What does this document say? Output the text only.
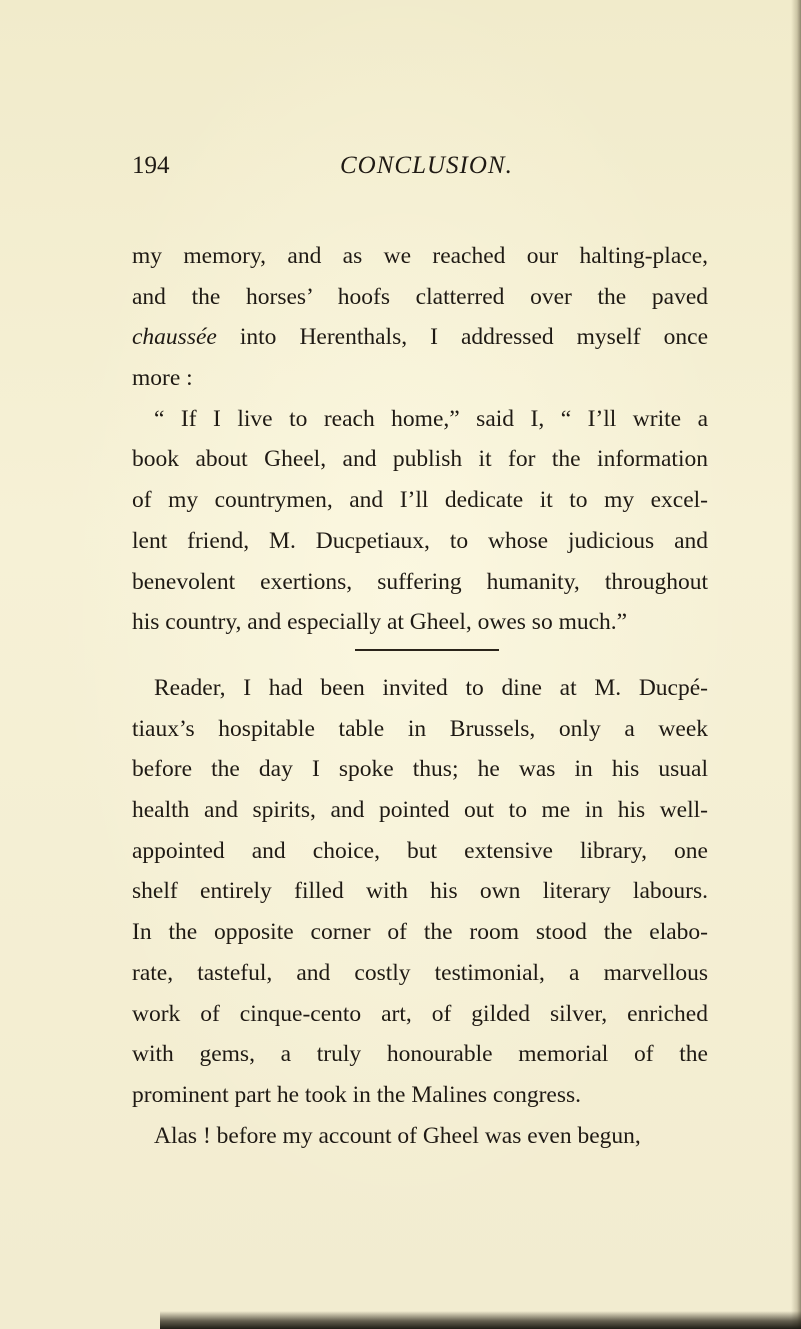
194	CONCLUSION.
my memory, and as we reached our halting-place,
and the horses’ hoofs clatterred over the paved
chaussée into Herenthals, I addressed myself once
more :
“ If I live to reach home,” said I, “ I’ll write a
book about Gheel, and publish it for the information
of my countrymen, and I’ll dedicate it to my excel-
lent friend, M. Ducpetiaux, to whose judicious and
benevolent exertions, suffering humanity, throughout
his country, and especially at Gheel, owes so much.”
Reader, I had been invited to dine at M. Ducpé-
tiaux’s hospitable table in Brussels, only a week
before the day I spoke thus; he was in his usual
health and spirits, and pointed out to me in his well-
appointed and choice, but extensive library, one
shelf entirely filled with his own literary labours.
In the opposite corner of the room stood the elabo-
rate, tasteful, and costly testimonial, a marvellous
work of cinque-cento art, of gilded silver, enriched
with gems, a truly honourable memorial of the
prominent part he took in the Malines congress.
Alas ! before my account of Gheel was even begun,
